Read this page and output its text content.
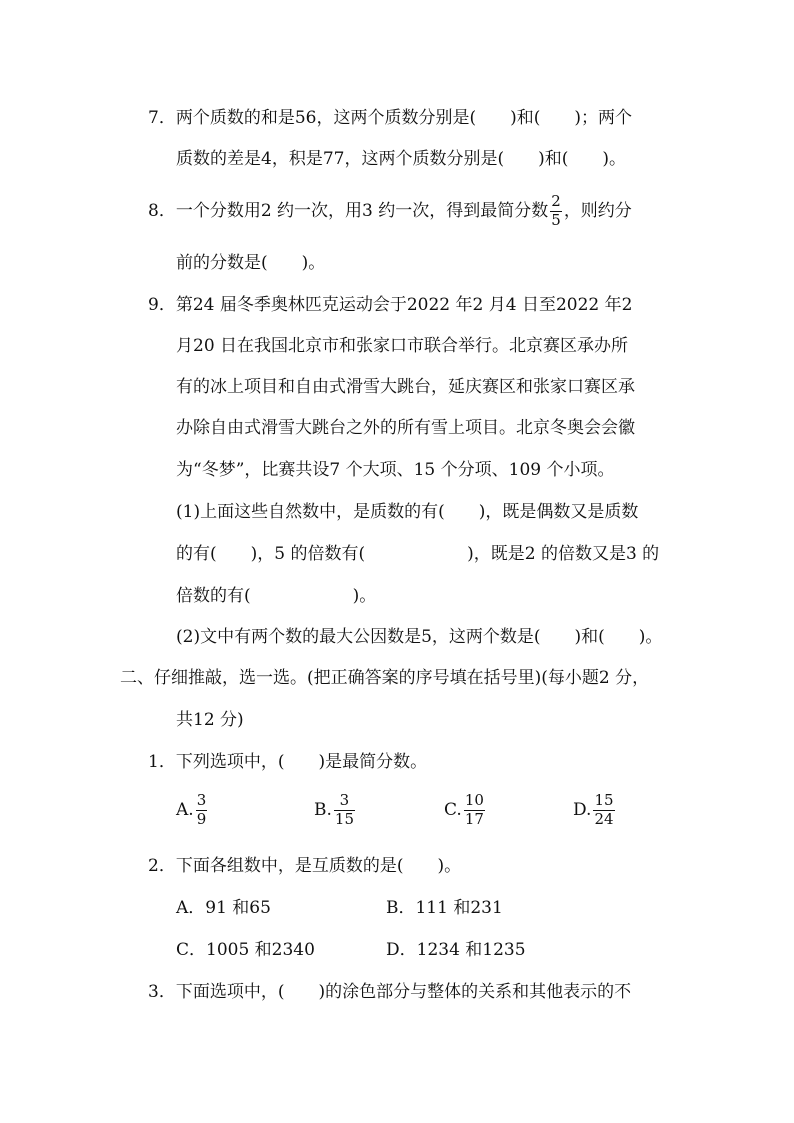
7．两个质数的和是56，这两个质数分别是(　　)和(　　)；两个
质数的差是4，积是77，这两个质数分别是(　　)和(　　)。
8．一个分数用2 约一次，用3 约一次，得到最简分数 $\frac{2}{5}$ ，则约分
前的分数是(　　)。
9．第24 届冬季奥林匹克运动会于2022 年2 月4 日至2022 年2
月20 日在我国北京市和张家口市联合举行。北京赛区承办所
有的冰上项目和自由式滑雪大跳台，延庆赛区和张家口赛区承
办除自由式滑雪大跳台之外的所有雪上项目。北京冬奥会会徽
为“冬梦”，比赛共设7 个大项、15 个分项、109 个小项。
(1)上面这些自然数中，是质数的有(　　)，既是偶数又是质数
的有(　　)，5 的倍数有(　　　　　　)，既是2 的倍数又是3 的
倍数的有(　　　　　　)。
(2)文中有两个数的最大公因数是5，这两个数是(　　)和(　　)。
二、仔细推敲，选一选。(把正确答案的序号填在括号里)(每小题2 分，
共12 分)
1．下列选项中，(　　)是最简分数。
A. $\frac{3}{9}$	B. $\frac{3}{15}$	C. $\frac{10}{17}$	D. $\frac{15}{24}$
2．下面各组数中，是互质数的是(　　)。
A．91 和65	B．111 和231
C．1005 和2340	D．1234 和1235
3．下面选项中，(　　)的涂色部分与整体的关系和其他表示的不
